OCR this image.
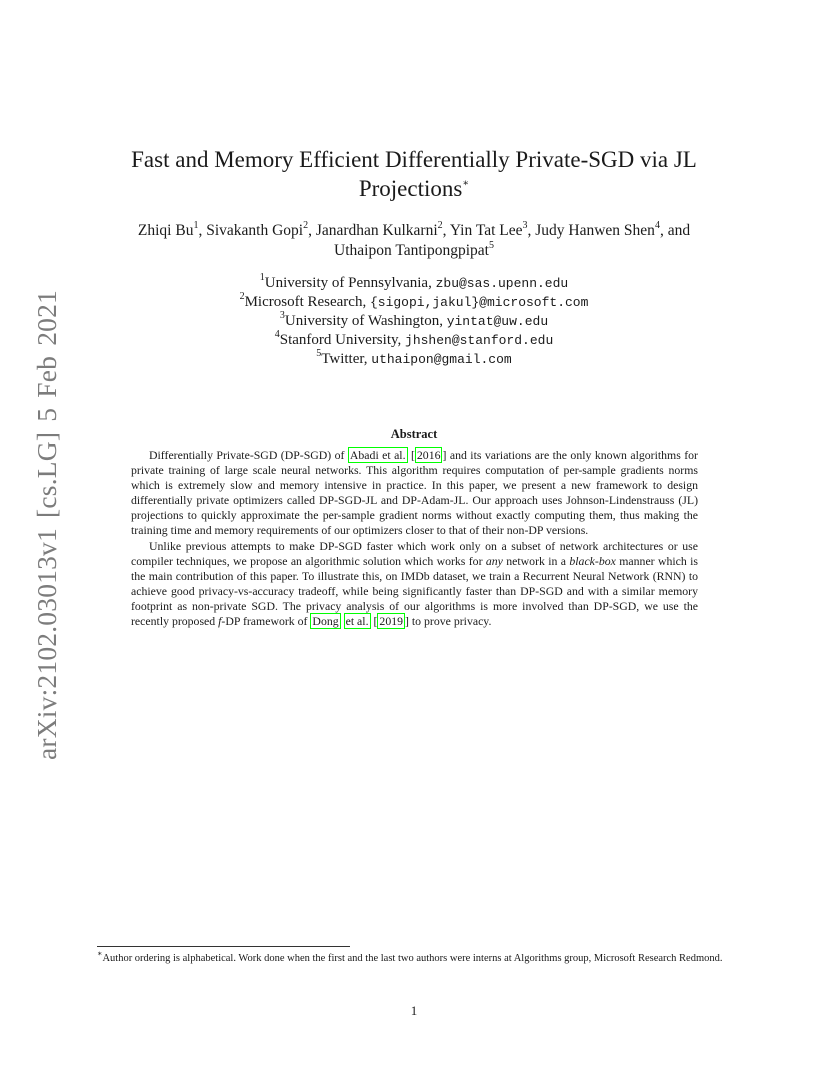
arXiv:2102.03013v1 [cs.LG] 5 Feb 2021
Fast and Memory Efficient Differentially Private-SGD via JL
Projections∗
Zhiqi Bu$^1$, Sivakanth Gopi$^2$, Janardhan Kulkarni$^2$, Yin Tat Lee$^3$, Judy Hanwen Shen$^4$, and
Uthaipon Tantipongpipat$^5$
$^1$University of Pennsylvania, zbu@sas.upenn.edu
$^2$Microsoft Research, {sigopi,jakul}@microsoft.com
$^3$University of Washington, yintat@uw.edu
$^4$Stanford University, jhshen@stanford.edu
$^5$Twitter, uthaipon@gmail.com
Abstract

Differentially Private-SGD (DP-SGD) of Abadi et al. [ 2016 ] and its variations are the only known algorithms for private training of large scale neural networks. This algorithm requires computation of per-sample gradients norms which is extremely slow and memory intensive in practice. In this paper, we present a new framework to design differentially private optimizers called DP-SGD-JL and DP-Adam-JL. Our approach uses Johnson-Lindenstrauss (JL) projections to quickly approximate the per-sample gradient norms without exactly computing them, thus making the training time and memory requirements of our optimizers closer to that of their non-DP versions.

Unlike previous attempts to make DP-SGD faster which work only on a subset of network architectures or use compiler techniques, we propose an algorithmic solution which works for any network in a black-box manner which is the main contribution of this paper. To illustrate this, on IMDb dataset, we train a Recurrent Neural Network (RNN) to achieve good privacy-vs-accuracy tradeoff, while being significantly faster than DP-SGD and with a similar memory footprint as non-private SGD. The privacy analysis of our algorithms is more involved than DP-SGD, we use the recently proposed f-DP framework of Dong et al. [ 2019 ] to prove privacy.

∗Author ordering is alphabetical. Work done when the first and the last two authors were interns at Algorithms group, Microsoft Research Redmond.
1
